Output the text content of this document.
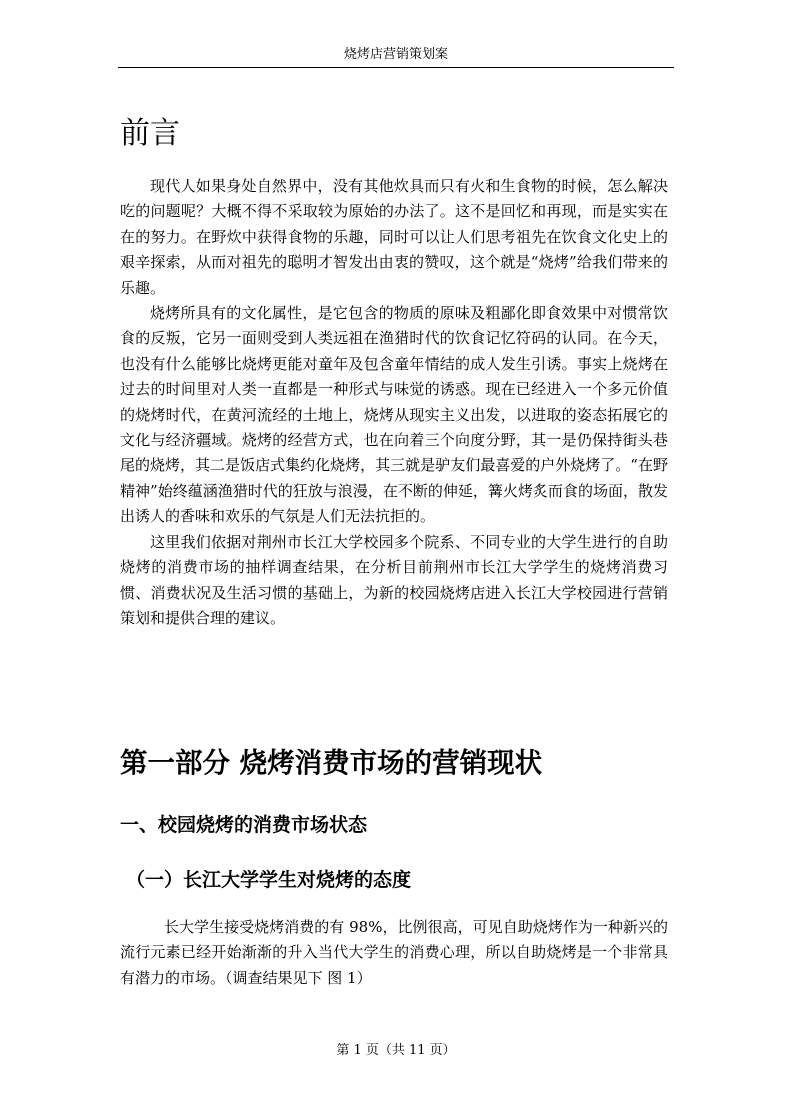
烧烤店营销策划案
前言

现代人如果身处自然界中，没有其他炊具而只有火和生食物的时候，怎么解决吃的问题呢？大概不得不采取较为原始的办法了。这不是回忆和再现，而是实实在在的努力。在野炊中获得食物的乐趣，同时可以让人们思考祖先在饮食文化史上的艰辛探索，从而对祖先的聪明才智发出由衷的赞叹，这个就是“烧烤”给我们带来的乐趣。

烧烤所具有的文化属性，是它包含的物质的原味及粗鄙化即食效果中对惯常饮食的反叛，它另一面则受到人类远祖在渔猎时代的饮食记忆符码的认同。在今天，也没有什么能够比烧烤更能对童年及包含童年情结的成人发生引诱。事实上烧烤在过去的时间里对人类一直都是一种形式与味觉的诱惑。现在已经进入一个多元价值的烧烤时代，在黄河流经的土地上，烧烤从现实主义出发，以进取的姿态拓展它的文化与经济疆域。烧烤的经营方式，也在向着三个向度分野，其一是仍保持街头巷尾的烧烤，其二是饭店式集约化烧烤，其三就是驴友们最喜爱的户外烧烤了。“在野精神”始终蕴涵渔猎时代的狂放与浪漫，在不断的伸延，篝火烤炙而食的场面，散发出诱人的香味和欢乐的气氛是人们无法抗拒的。

这里我们依据对荆州市长江大学校园多个院系、不同专业的大学生进行的自助烧烤的消费市场的抽样调查结果，在分析目前荆州市长江大学学生的烧烤消费习惯、消费状况及生活习惯的基础上，为新的校园烧烤店进入长江大学校园进行营销策划和提供合理的建议。

第一部分 烧烤消费市场的营销现状
一、校园烧烤的消费市场状态
（一）长江大学学生对烧烤的态度

长大学生接受烧烤消费的有 98%，比例很高，可见自助烧烤作为一种新兴的流行元素已经开始渐渐的升入当代大学生的消费心理，所以自助烧烤是一个非常具有潜力的市场。（调查结果见下 图 1）

第 1 页（共 11 页）
